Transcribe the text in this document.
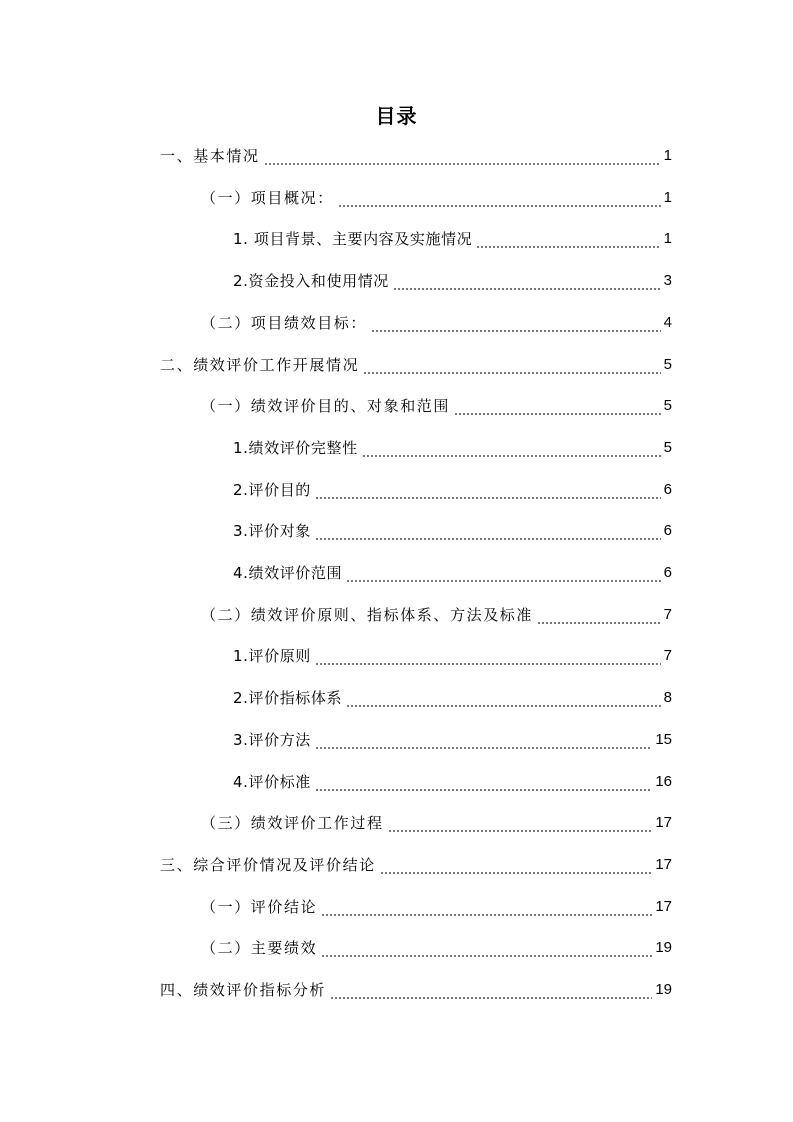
目录
一、基本情况	1
（一）项目概况：	1
1. 项目背景、主要内容及实施情况	1
2.资金投入和使用情况	3
（二）项目绩效目标：	4
二、绩效评价工作开展情况	5
（一）绩效评价目的、对象和范围	5
1.绩效评价完整性	5
2.评价目的	6
3.评价对象	6
4.绩效评价范围	6
（二）绩效评价原则、指标体系、方法及标准	7
1.评价原则	7
2.评价指标体系	8
3.评价方法	15
4.评价标准	16
（三）绩效评价工作过程	17
三、综合评价情况及评价结论	17
（一）评价结论	17
（二）主要绩效	19
四、绩效评价指标分析	19
